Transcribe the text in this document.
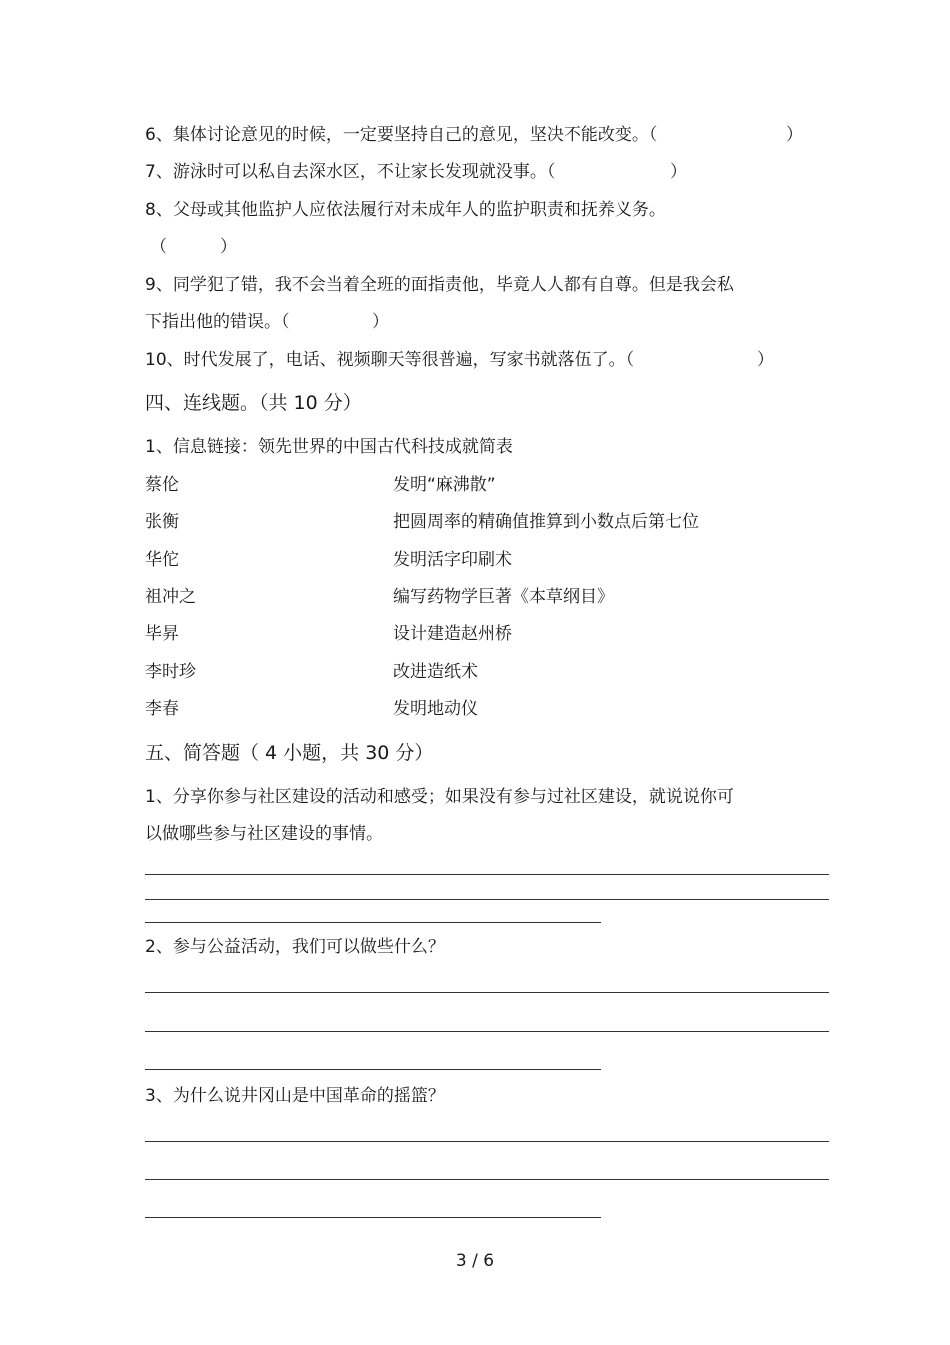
6、集体讨论意见的时候，一定要坚持自己的意见，坚决不能改变。（	）
7、游泳时可以私自去深水区，不让家长发现就没事。（	）
8、父母或其他监护人应依法履行对未成年人的监护职责和抚养义务。
（	）
9、同学犯了错，我不会当着全班的面指责他，毕竟人人都有自尊。但是我会私
下指出他的错误。（	）
10、时代发展了，电话、视频聊天等很普遍，写家书就落伍了。（	）
四、连线题。（共 10 分）
1、信息链接：领先世界的中国古代科技成就简表
蔡伦	发明“麻沸散”
张衡	把圆周率的精确值推算到小数点后第七位
华佗	发明活字印刷术
祖冲之	编写药物学巨著《本草纲目》
毕昇	设计建造赵州桥
李时珍	改进造纸术
李春	发明地动仪
五、简答题（ 4 小题，共 30 分）
1、分享你参与社区建设的活动和感受；如果没有参与过社区建设，就说说你可
以做哪些参与社区建设的事情。
2、参与公益活动，我们可以做些什么？
3、为什么说井冈山是中国革命的摇篮？
3 / 6
